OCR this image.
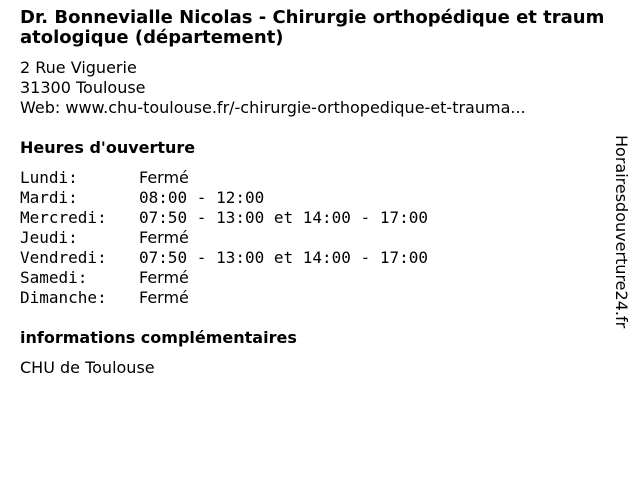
Dr. Bonnevialle Nicolas - Chirurgie orthopédique et traumatologique (département)
2 Rue Viguerie
31300 Toulouse
Web: www.chu-toulouse.fr/-chirurgie-orthopedique-et-trauma...
Heures d'ouverture
Lundi:	Fermé
Mardi:	08:00 - 12:00
Mercredi:	07:50 - 13:00 et 14:00 - 17:00
Jeudi:	Fermé
Vendredi:	07:50 - 13:00 et 14:00 - 17:00
Samedi:	Fermé
Dimanche:	Fermé
informations complémentaires
CHU de Toulouse
Horairesdouverture24.fr
